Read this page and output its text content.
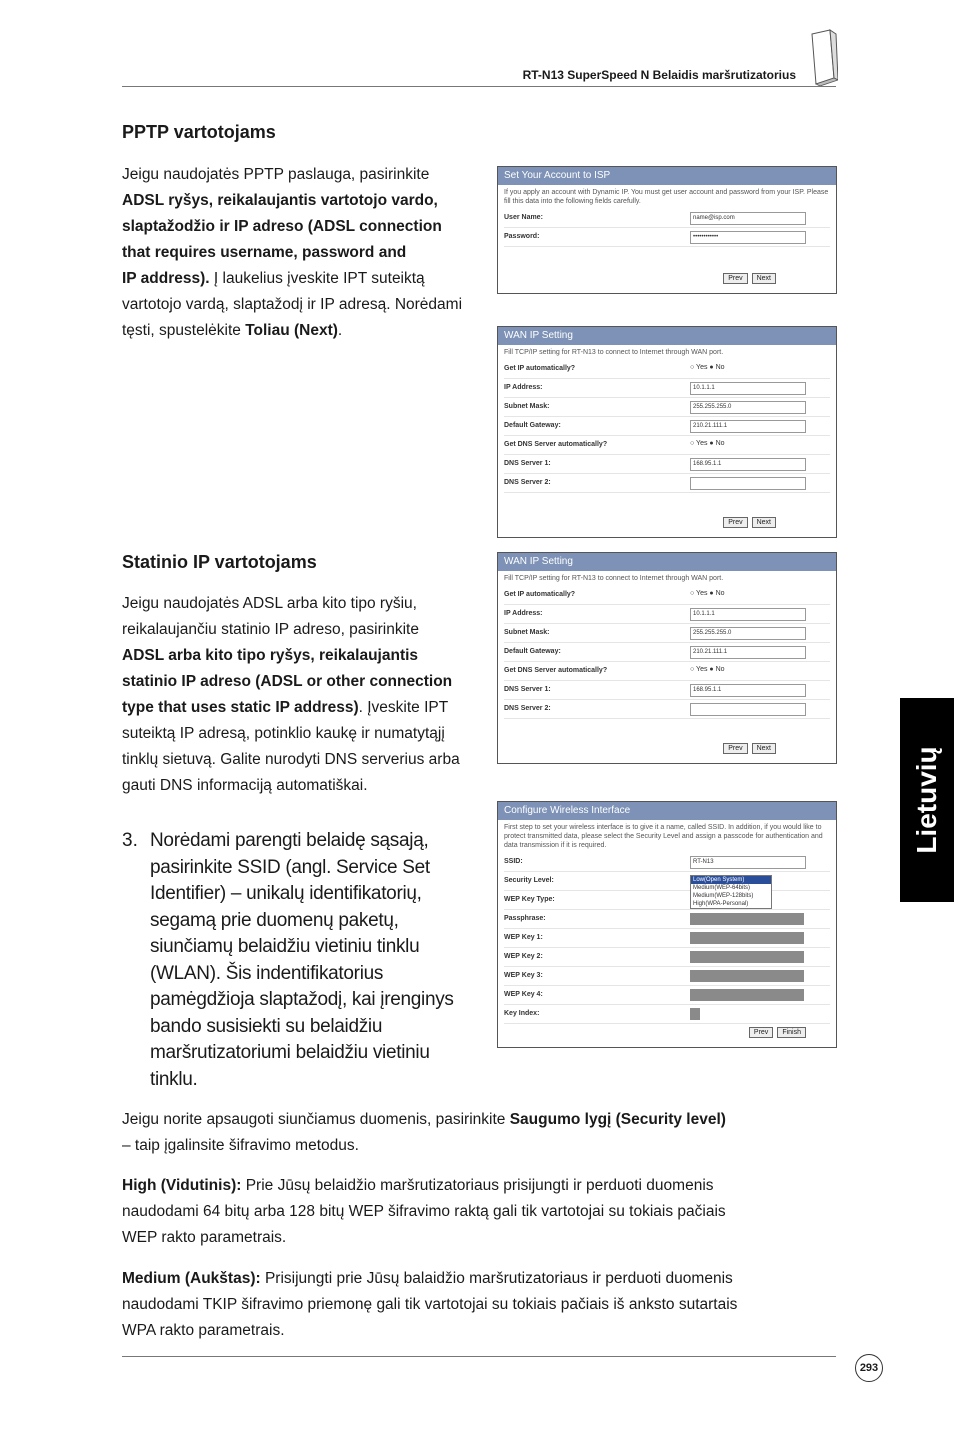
RT-N13 SuperSpeed N Belaidis maršrutizatorius
Lietuvių
PPTP vartotojams
Jeigu naudojatės PPTP paslauga, pasirinkite
ADSL ryšys, reikalaujantis vartotojo vardo,
slaptažodžio ir IP adreso (ADSL connection
that requires username, password and
IP address). Į laukelius įveskite IPT suteiktą
vartotojo vardą, slaptažodį ir IP adresą. Norėdami
tęsti, spustelėkite Toliau (Next).
Set Your Account to ISP
If you apply an account with Dynamic IP. You must get user account and password from your ISP. Please fill this data into the following fields carefully.
User Name:	name@isp.com
Password:	••••••••••••
Prev Next
WAN IP Setting
Fill TCP/IP setting for RT-N13 to connect to Internet through WAN port.
Get IP automatically?	○ Yes ● No
IP Address:	10.1.1.1
Subnet Mask:	255.255.255.0
Default Gateway:	210.21.111.1
Get DNS Server automatically?	○ Yes ● No
DNS Server 1:	168.95.1.1
DNS Server 2:
Prev Next
Statinio IP vartotojams
Jeigu naudojatės ADSL arba kito tipo ryšiu,
reikalaujančiu statinio IP adreso, pasirinkite
ADSL arba kito tipo ryšys, reikalaujantis
statinio IP adreso (ADSL or other connection
type that uses static IP address). Įveskite IPT
suteiktą IP adresą, potinklio kaukę ir numatytąjį
tinklų sietuvą. Galite nurodyti DNS serverius arba
gauti DNS informaciją automatiškai.
WAN IP Setting
Fill TCP/IP setting for RT-N13 to connect to Internet through WAN port.
Get IP automatically?	○ Yes ● No
IP Address:	10.1.1.1
Subnet Mask:	255.255.255.0
Default Gateway:	210.21.111.1
Get DNS Server automatically?	○ Yes ● No
DNS Server 1:	168.95.1.1
DNS Server 2:
Prev Next
3. Norėdami parengti belaidę sąsają,
pasirinkite SSID (angl. Service Set
Identifier) – unikalų identifikatorių,
segamą prie duomenų paketų,
siunčiamų belaidžiu vietiniu tinklu
(WLAN). Šis indentifikatorius
pamėgdžioja slaptažodį, kai įrenginys
bando susisiekti su belaidžiu
maršrutizatoriumi belaidžiu vietiniu
tinklu.
Configure Wireless Interface
First step to set your wireless interface is to give it a name, called SSID. In addition, if you would like to protect transmitted data, please select the Security Level and assign a passcode for authentication and data transmission if it is required.
SSID:	RT-N13
Security Level:	Low(Open System)
Medium(WEP-64bits)
Medium(WEP-128bits)
High(WPA-Personal)
WEP Key Type:
Passphrase:
WEP Key 1:
WEP Key 2:
WEP Key 3:
WEP Key 4:
Key Index:
Prev Finish
Jeigu norite apsaugoti siunčiamus duomenis, pasirinkite Saugumo lygį (Security level)
– taip įgalinsite šifravimo metodus.
High (Vidutinis): Prie Jūsų belaidžio maršrutizatoriaus prisijungti ir perduoti duomenis
naudodami 64 bitų arba 128 bitų WEP šifravimo raktą gali tik vartotojai su tokiais pačiais
WEP rakto parametrais.
Medium (Aukštas): Prisijungti prie Jūsų balaidžio maršrutizatoriaus ir perduoti duomenis
naudodami TKIP šifravimo priemonę gali tik vartotojai su tokiais pačiais iš anksto sutartais
WPA rakto parametrais.
293
